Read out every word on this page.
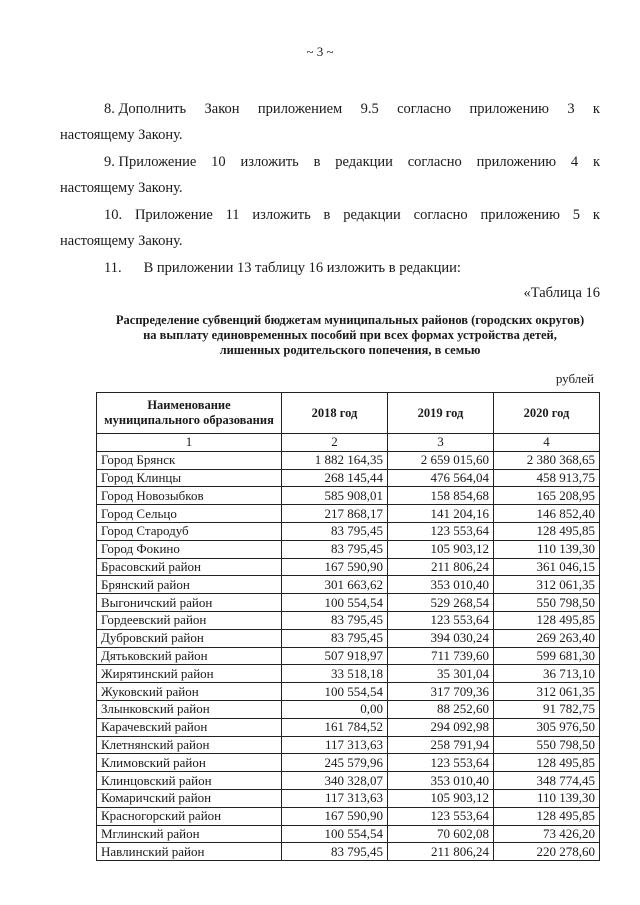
~ 3 ~
8. Дополнить Закон приложением 9.5 согласно приложению 3 к
настоящему Закону.
9. Приложение 10 изложить в редакции согласно приложению 4 к
настоящему Закону.
10. Приложение 11 изложить в редакции согласно приложению 5 к
настоящему Закону.
11. В приложении 13 таблицу 16 изложить в редакции:
«Таблица 16
Распределение субвенций бюджетам муниципальных районов (городских округов)
на выплату единовременных пособий при всех формах устройства детей,
лишенных родительского попечения, в семью
рублей
Наименование муниципального образования	2018 год	2019 год	2020 год
1	2	3	4
Город Брянск	1 882 164,35	2 659 015,60	2 380 368,65
Город Клинцы	268 145,44	476 564,04	458 913,75
Город Новозыбков	585 908,01	158 854,68	165 208,95
Город Сельцо	217 868,17	141 204,16	146 852,40
Город Стародуб	83 795,45	123 553,64	128 495,85
Город Фокино	83 795,45	105 903,12	110 139,30
Брасовский район	167 590,90	211 806,24	361 046,15
Брянский район	301 663,62	353 010,40	312 061,35
Выгоничский район	100 554,54	529 268,54	550 798,50
Гордеевский район	83 795,45	123 553,64	128 495,85
Дубровский район	83 795,45	394 030,24	269 263,40
Дятьковский район	507 918,97	711 739,60	599 681,30
Жирятинский район	33 518,18	35 301,04	36 713,10
Жуковский район	100 554,54	317 709,36	312 061,35
Злынковский район	0,00	88 252,60	91 782,75
Карачевский район	161 784,52	294 092,98	305 976,50
Клетнянский район	117 313,63	258 791,94	550 798,50
Климовский район	245 579,96	123 553,64	128 495,85
Клинцовский район	340 328,07	353 010,40	348 774,45
Комаричский район	117 313,63	105 903,12	110 139,30
Красногорский район	167 590,90	123 553,64	128 495,85
Мглинский район	100 554,54	70 602,08	73 426,20
Навлинский район	83 795,45	211 806,24	220 278,60
